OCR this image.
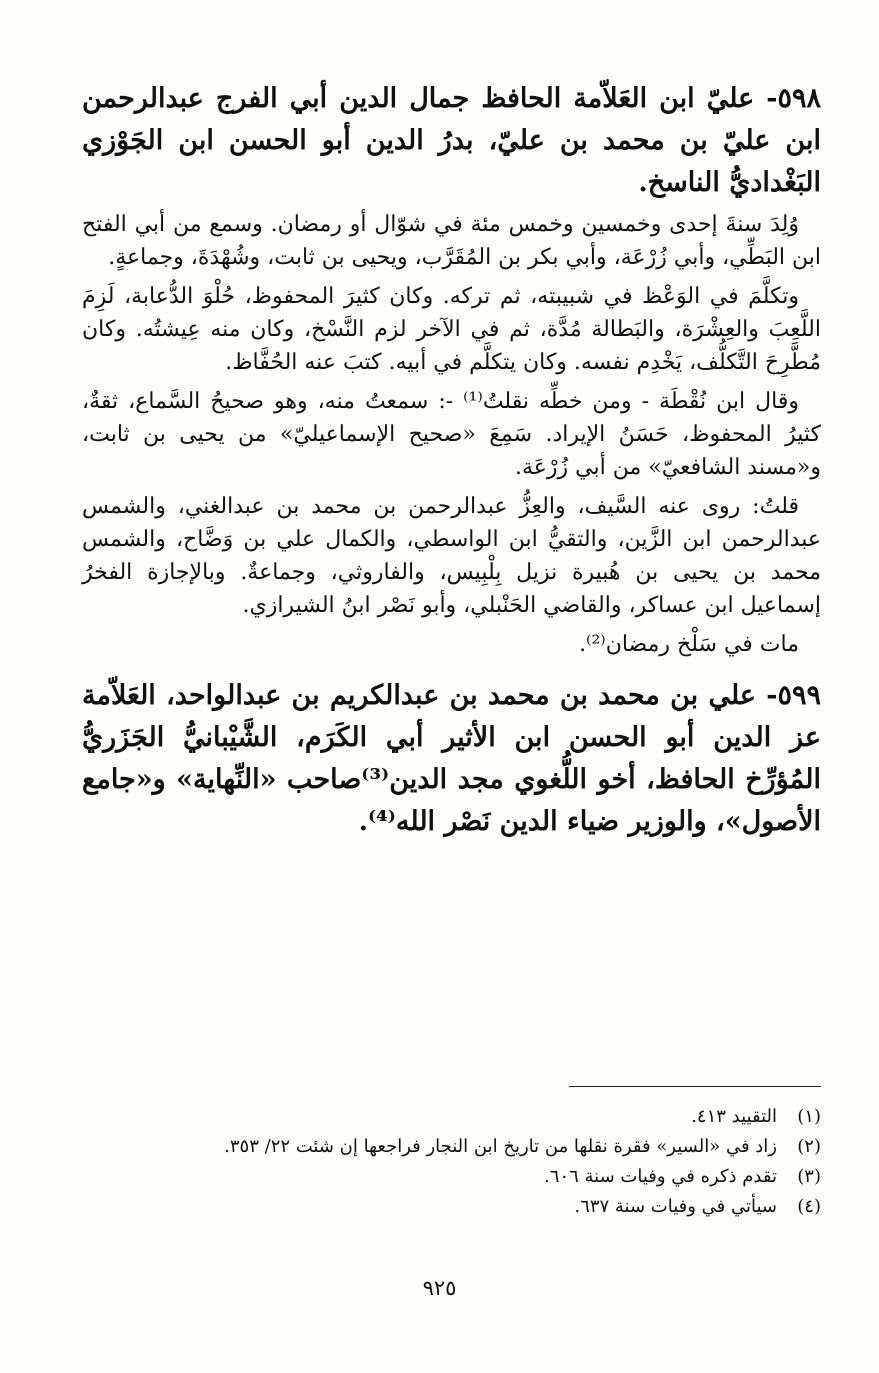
٥٩٨- عليّ ابن العَلاّمة الحافظ جمال الدين أبي الفرج عبدالرحمن ابن عليّ بن محمد بن عليّ، بدرُ الدين أبو الحسن ابن الجَوْزي البَغْداديُّ الناسخ.

وُلِدَ سنةَ إحدى وخمسين وخمس مئة في شوّال أو رمضان. وسمع من أبي الفتح ابن البَطِّي، وأبي زُرْعَة، وأبي بكر بن المُقَرَّب، ويحيى بن ثابت، وشُهْدَةَ، وجماعةٍ.

وتكلَّمَ في الوَعْظ في شبيبته، ثم تركه. وكان كثيرَ المحفوظ، حُلْوَ الدُّعابة، لَزِمَ اللَّعِبَ والعِشْرَة، والبَطالة مُدَّة، ثم في الآخر لزم النَّسْخ، وكان منه عِيشتُه. وكان مُطَّرِحَ التَّكلُّف، يَخْدِم نفسه. وكان يتكلَّم في أبيه. كتبَ عنه الحُفَّاظ.

وقال ابن نُقْطَة - ومن خطِّه نقلتُ⁽¹⁾ -: سمعتُ منه، وهو صحيحُ السَّماع، ثقةٌ، كثيرُ المحفوظ، حَسَنُ الإيراد. سَمِعَ «صحيح الإسماعيليّ» من يحيى بن ثابت، و«مسند الشافعيّ» من أبي زُرْعَة.

قلتُ: روى عنه السَّيف، والعِزُّ عبدالرحمن بن محمد بن عبدالغني، والشمس عبدالرحمن ابن الزَّين، والتقيُّ ابن الواسطي، والكمال علي بن وَضَّاح، والشمس محمد بن يحيى بن هُبيرة نزيل بِلْبِيس، والفاروثي، وجماعةٌ. وبالإجازة الفخرُ إسماعيل ابن عساكر، والقاضي الحَنْبلي، وأبو نَصْر ابنُ الشيرازي.

مات في سَلْخ رمضان⁽²⁾.

٥٩٩- علي بن محمد بن محمد بن عبدالكريم بن عبدالواحد، العَلاّمة عز الدين أبو الحسن ابن الأثير أبي الكَرَم، الشَّيْبانيُّ الجَزَريُّ المُؤرِّخ الحافظ، أخو اللُّغوي مجد الدين⁽³⁾صاحب «النِّهاية» و«جامع الأصول»، والوزير ضياء الدين نَصْر الله⁽⁴⁾.
(١)
التقييد ٤١٣.
(٢)
زاد في «السير» فقرة نقلها من تاريخ ابن النجار فراجعها إن شئت ٢٢/ ٣٥٣.
(٣)
تقدم ذكره في وفيات سنة ٦٠٦.
(٤)
سيأتي في وفيات سنة ٦٣٧.
٩٢٥
